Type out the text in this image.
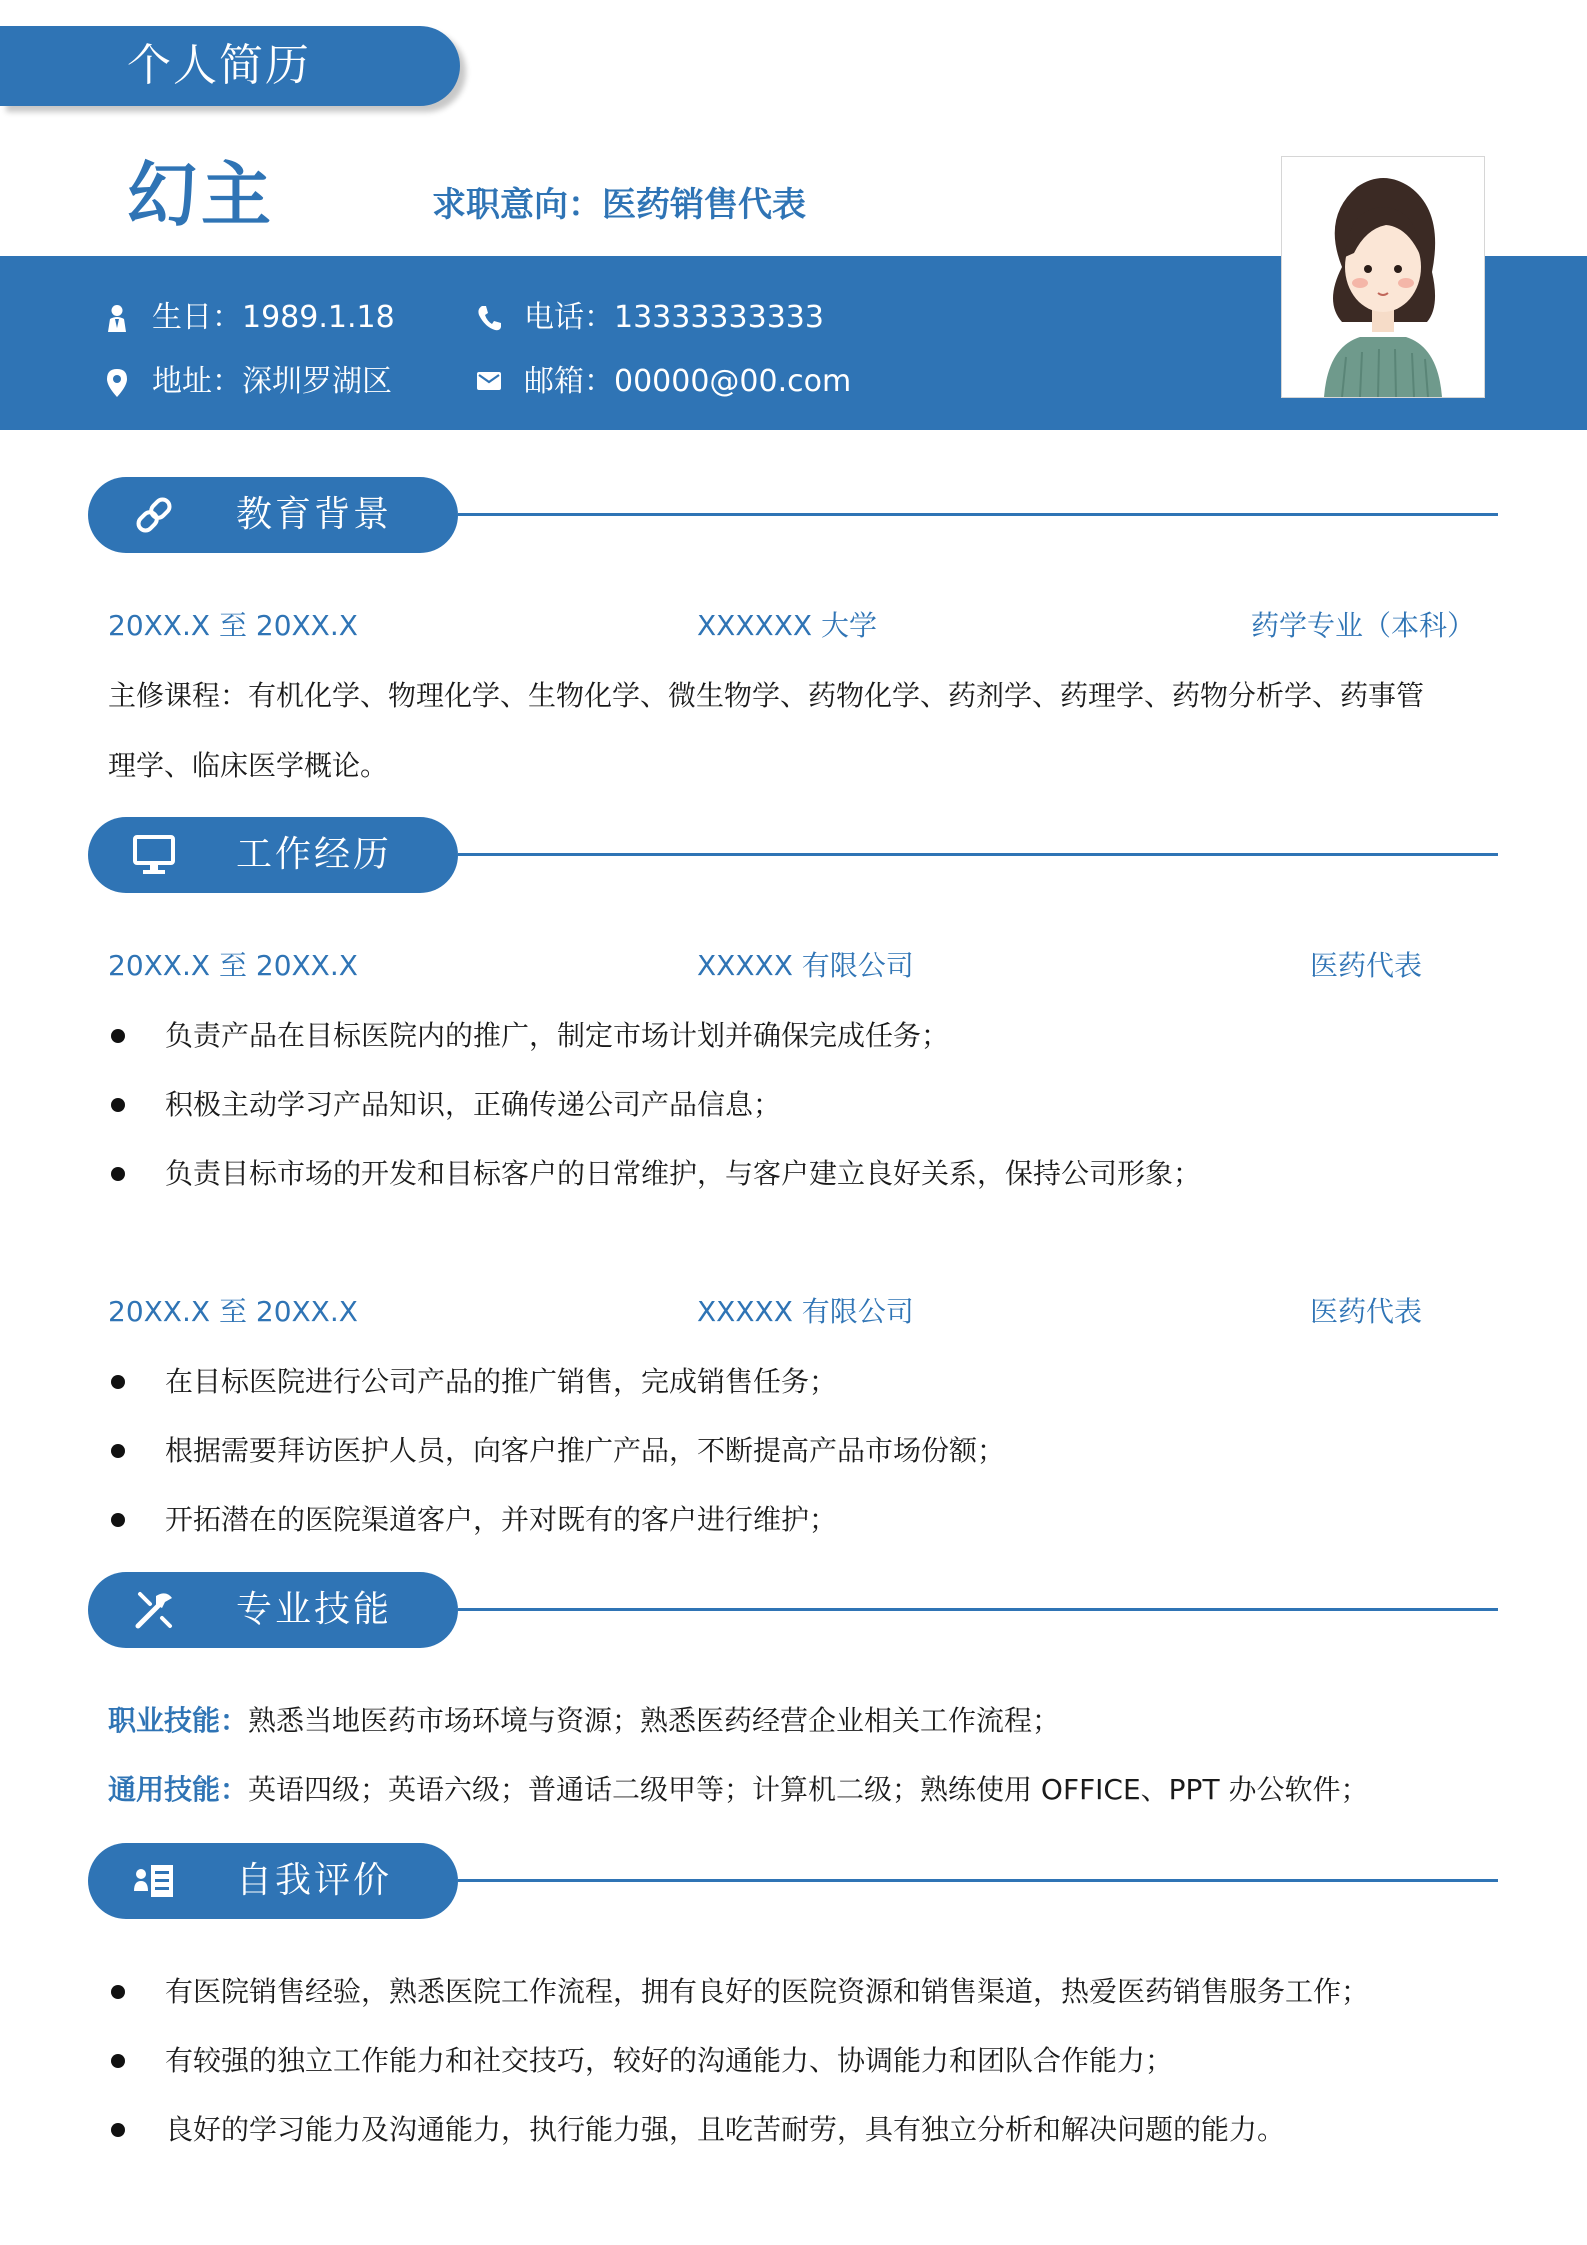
个人简历
幻主	求职意向：医药销售代表
生日：1989.1.18	电话：13333333333
地址：深圳罗湖区	邮箱：00000@00.com
教育背景
20XX.X 至 20XX.X	XXXXXX 大学	药学专业（本科）
主修课程：有机化学、物理化学、生物化学、微生物学、药物化学、药剂学、药理学、药物分析学、药事管
理学、临床医学概论。
工作经历
20XX.X 至 20XX.X	XXXXX 有限公司	医药代表
负责产品在目标医院内的推广，制定市场计划并确保完成任务；
积极主动学习产品知识，正确传递公司产品信息；
负责目标市场的开发和目标客户的日常维护，与客户建立良好关系，保持公司形象；
20XX.X 至 20XX.X	XXXXX 有限公司	医药代表
在目标医院进行公司产品的推广销售，完成销售任务；
根据需要拜访医护人员，向客户推广产品，不断提高产品市场份额；
开拓潜在的医院渠道客户，并对既有的客户进行维护；
专业技能
职业技能：熟悉当地医药市场环境与资源；熟悉医药经营企业相关工作流程；
通用技能：英语四级；英语六级；普通话二级甲等；计算机二级；熟练使用 OFFICE、PPT 办公软件；
自我评价
有医院销售经验，熟悉医院工作流程，拥有良好的医院资源和销售渠道，热爱医药销售服务工作；
有较强的独立工作能力和社交技巧，较好的沟通能力、协调能力和团队合作能力；
良好的学习能力及沟通能力，执行能力强，且吃苦耐劳，具有独立分析和解决问题的能力。
